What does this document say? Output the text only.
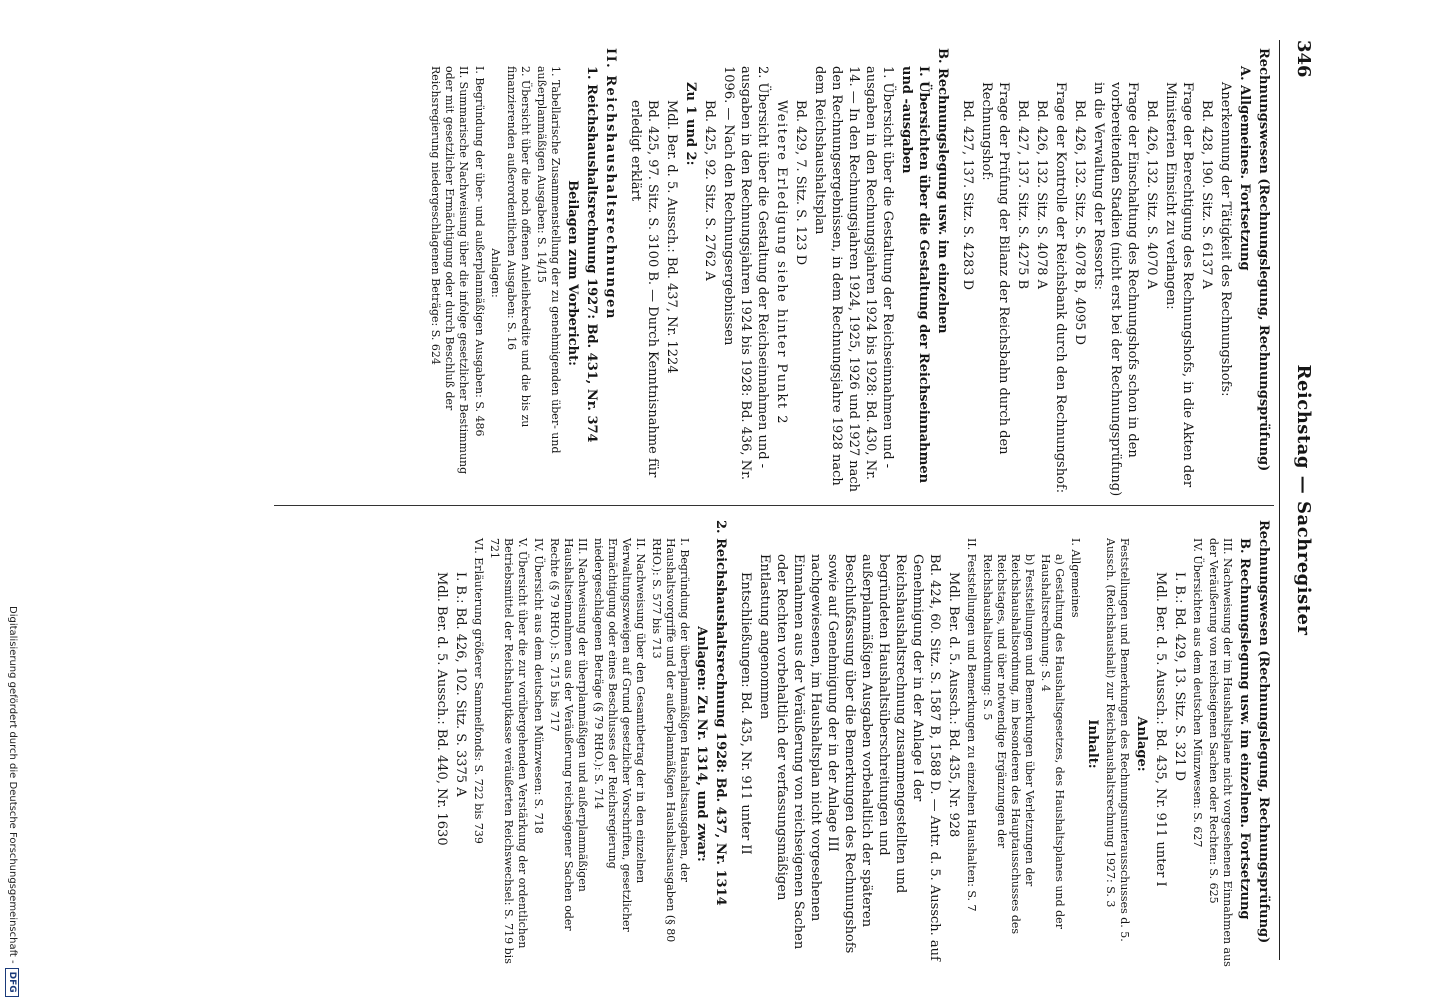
Digitalisierung gefördert durch die Deutsche Forschungsgemeinschaft -DFG
346
Reichstag — Sachregister
Rechnungswesen (Rechnungslegung, Rechnungsprüfung)
A. Allgemeines. Fortsetzung
Anerkennung der Tätigkeit des Rechnungshofs:
Bd. 428, 190. Sitz. S. 6137 A
Frage der Berechtigung des Rechnungshofs, in die Akten der Ministerien Einsicht zu verlangen:
Bd. 426, 132. Sitz. S. 4070 A
Frage der Einschaltung des Rechnungshofs schon in den vorbereitenden Stadien (nicht erst bei der Rechnungsprüfung) in die Verwaltung der Ressorts:
Bd. 426, 132. Sitz. S. 4078 B, 4095 D
Frage der Kontrolle der Reichsbank durch den Rechnungshof:
Bd. 426, 132. Sitz. S. 4078 A
Bd. 427, 137. Sitz. S. 4275 B
Frage der Prüfung der Bilanz der Reichsbahn durch den Rechnungshof:
Bd. 427, 137. Sitz. S. 4283 D
B. Rechnungslegung usw. im einzelnen
I. Übersichten über die Gestaltung der Reichseinnahmen und -ausgaben
1. Übersicht über die Gestaltung der Reichseinnahmen und -ausgaben in den Rechnungsjahren 1924 bis 1928: Bd. 430, Nr. 14. — In den Rechnungsjahren 1924, 1925, 1926 und 1927 nach den Rechnungsergebnissen, in dem Rechnungsjahre 1928 nach dem Reichshaushaltsplan
Bd. 429, 7. Sitz. S. 123 D
Weitere Erledigung siehe hinter Punkt 2
2. Übersicht über die Gestaltung der Reichseinnahmen und -ausgaben in den Rechnungsjahren 1924 bis 1928: Bd. 436, Nr. 1096. — Nach den Rechnungsergebnissen
Bd. 425, 92. Sitz. S. 2762 A
Zu 1 und 2:
Mdl. Ber. d. 5. Aussch.: Bd. 437, Nr. 1224
Bd. 425, 97. Sitz. S. 3100 B. — Durch Kenntnisnahme für erledigt erklärt
II. Reichshaushaltsrechnungen
1. Reichshaushaltsrechnung 1927: Bd. 431, Nr. 374
Beilagen zum Vorbericht:
1. Tabellarische Zusammenstellung der zu genehmigenden über- und außerplanmäßigen Ausgaben: S. 14/15
2. Übersicht über die noch offenen Anleihekredite und die bis zu finanzierenden außerordentlichen Ausgaben: S. 16
Anlagen:
I. Begründung der über- und außerplanmäßigen Ausgaben: S. 486
II. Summarische Nachweisung über die infolge gesetzlicher Bestimmung oder mit gesetzlicher Ermächtigung oder durch Beschluß der Reichsregierung niedergeschlagenen Beträge: S. 624
Rechnungswesen (Rechnungslegung, Rechnungsprüfung)
B. Rechnungslegung usw. im einzelnen. Fortsetzung
III. Nachweisung der im Haushaltsplane nicht vorgesehenen Einnahmen aus der Veräußerung von reichseigenen Sachen oder Rechten: S. 625
IV. Übersichten aus dem deutschen Münzwesen: S. 627
I. B.: Bd. 429, 13. Sitz. S. 321 D
Mdl. Ber. d. 5. Aussch.: Bd. 435, Nr. 911 unter I
Anlage:
Feststellungen und Bemerkungen des Rechnungsunterausschusses d. 5. Aussch. (Reichshaushalt) zur Reichshaushaltsrechnung 1927: S. 3
Inhalt:
I. Allgemeines
a) Gestaltung des Haushaltsgesetzes, des Haushaltsplanes und der Haushaltsrechnung: S. 4
b) Feststellungen und Bemerkungen über Verletzungen der Reichshaushaltsordnung, im besonderen des Hauptausschusses des Reichstages, und über notwendige Ergänzungen der Reichshaushaltsordnung: S. 5
II. Feststellungen und Bemerkungen zu einzelnen Haushalten: S. 7
Mdl. Ber. d. 5. Aussch.: Bd. 435, Nr. 928
Bd. 424, 60. Sitz. S. 1587 B, 1588 D. — Antr. d. 5. Aussch. auf Genehmigung der in der Anlage I der Reichshaushaltsrechnung zusammengestellten und begründeten Haushaltsüberschreitungen und außerplanmäßigen Ausgaben vorbehaltlich der späteren Beschlußfassung über die Bemerkungen des Rechnungshofs sowie auf Genehmigung der in der Anlage III nachgewiesenen, im Haushaltsplan nicht vorgesehenen Einnahmen aus der Veräußerung von reichseigenen Sachen oder Rechten vorbehaltlich der verfassungsmäßigen Entlastung angenommen
Entschließungen: Bd. 435, Nr. 911 unter II
2. Reichshaushaltsrechnung 1928: Bd. 437, Nr. 1314
Anlagen: Zu Nr. 1314, und zwar:
I. Begründung der überplanmäßigen Haushaltsausgaben, der Haushaltsvorgriffe und der außerplanmäßigen Haushaltsausgaben (§ 80 RHO.): S. 577 bis 713
II. Nachweisung über den Gesamtbetrag der in den einzelnen Verwaltungszweigen auf Grund gesetzlicher Vorschriften, gesetzlicher Ermächtigung oder eines Beschlusses der Reichsregierung niedergeschlagenen Beträge (§ 79 RHO.): S. 714
III. Nachweisung der überplanmäßigen und außerplanmäßigen Haushaltseinnahmen aus der Veräußerung reichseigener Sachen oder Rechte (§ 79 RHO.): S. 715 bis 717
IV. Übersicht aus dem deutschen Münzwesen: S. 718
V. Übersicht über die zur vorübergehenden Verstärkung der ordentlichen Betriebsmittel der Reichshauptkasse veräußerten Reichswechsel: S. 719 bis 721
VI. Erläuterung größerer Sammelfonds: S. 722 bis 739
I. B.: Bd. 426, 102. Sitz. S. 3375 A
Mdl. Ber. d. 5. Aussch.: Bd. 440, Nr. 1630
